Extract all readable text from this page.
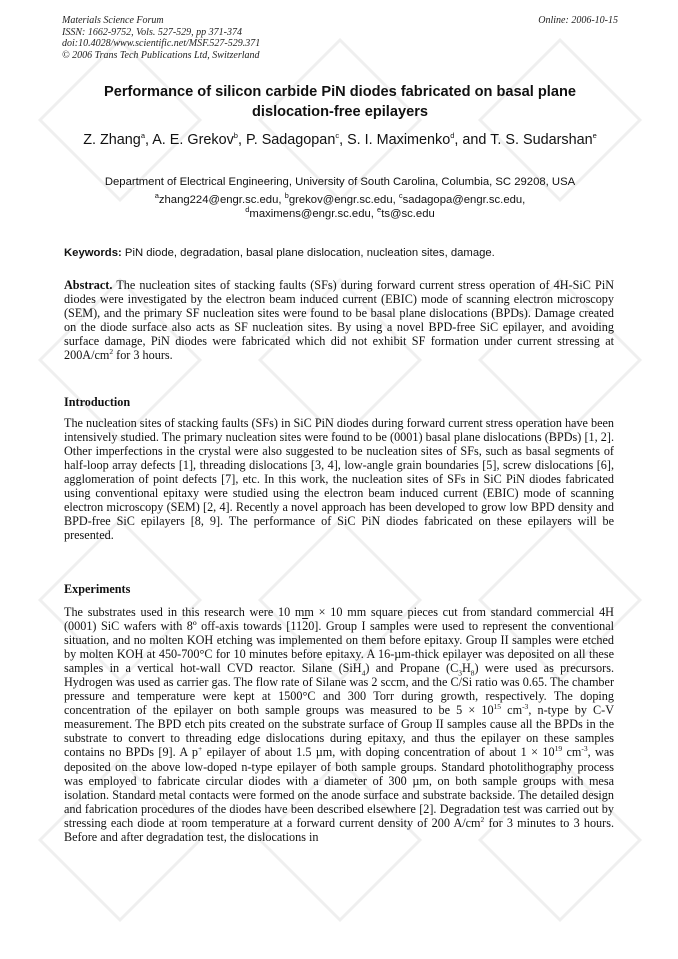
Materials Science Forum
ISSN: 1662-9752, Vols. 527-529, pp 371-374
doi:10.4028/www.scientific.net/MSF.527-529.371
© 2006 Trans Tech Publications Ltd, Switzerland
Online: 2006-10-15
Performance of silicon carbide PiN diodes fabricated on basal plane dislocation-free epilayers
Z. Zhang$^a$, A. E. Grekov$^b$, P. Sadagopan$^c$, S. I. Maximenko$^d$, and T. S. Sudarshan$^e$
Department of Electrical Engineering, University of South Carolina, Columbia, SC 29208, USA
$^a$zhang224@engr.sc.edu, $^b$grekov@engr.sc.edu, $^c$sadagopa@engr.sc.edu,
$^d$maximens@engr.sc.edu, $^e$ts@sc.edu
Keywords: PiN diode, degradation, basal plane dislocation, nucleation sites, damage.
Abstract. The nucleation sites of stacking faults (SFs) during forward current stress operation of 4H-SiC PiN diodes were investigated by the electron beam induced current (EBIC) mode of scanning electron microscopy (SEM), and the primary SF nucleation sites were found to be basal plane dislocations (BPDs). Damage created on the diode surface also acts as SF nucleation sites. By using a novel BPD-free SiC epilayer, and avoiding surface damage, PiN diodes were fabricated which did not exhibit SF formation under current stressing at $200A/cm^2$ for 3 hours.
Introduction
The nucleation sites of stacking faults (SFs) in SiC PiN diodes during forward current stress operation have been intensively studied. The primary nucleation sites were found to be (0001) basal plane dislocations (BPDs) [1, 2]. Other imperfections in the crystal were also suggested to be nucleation sites of SFs, such as basal segments of half-loop array defects [1], threading dislocations [3, 4], low-angle grain boundaries [5], screw dislocations [6], agglomeration of point defects [7], etc. In this work, the nucleation sites of SFs in SiC PiN diodes fabricated using conventional epitaxy were studied using the electron beam induced current (EBIC) mode of scanning electron microscopy (SEM) [2, 4]. Recently a novel approach has been developed to grow low BPD density and BPD-free SiC epilayers [8, 9]. The performance of SiC PiN diodes fabricated on these epilayers will be presented.
Experiments
The substrates used in this research were 10 mm × 10 mm square pieces cut from standard commercial 4H (0001) SiC wafers with 8º off-axis towards [1120]. Group I samples were used to represent the conventional situation, and no molten KOH etching was implemented on them before epitaxy. Group II samples were etched by molten KOH at 450-700°C for 10 minutes before epitaxy. A 16-µm-thick epilayer was deposited on all these samples in a vertical hot-wall CVD reactor. Silane (SiH$_4$) and Propane $(C_3H_8)$ were used as precursors. Hydrogen was used as carrier gas. The flow rate of Silane was 2 sccm, and the C/Si ratio was 0.65. The chamber pressure and temperature were kept at 1500°C and 300 Torr during growth, respectively. The doping concentration of the epilayer on both sample groups was measured to be $5 \times 10^{15}$ $cm^{-3}$, n-type by C-V measurement. The BPD etch pits created on the substrate surface of Group II samples cause all the BPDs in the substrate to convert to threading edge dislocations during epitaxy, and thus the epilayer on these samples contains no BPDs [9]. A p+ epilayer of about 1.5 µm, with doping concentration of about $1 \times 10^{19}$ $cm^{-3}$, was deposited on the above low-doped n-type epilayer of both sample groups. Standard photolithography process was employed to fabricate circular diodes with a diameter of 300 µm, on both sample groups with mesa isolation. Standard metal contacts were formed on the anode surface and substrate backside. The detailed design and fabrication procedures of the diodes have been described elsewhere [2]. Degradation test was carried out by stressing each diode at room temperature at a forward current density of 200 $A/cm^2$ for 3 minutes to 3 hours. Before and after degradation test, the dislocations in
